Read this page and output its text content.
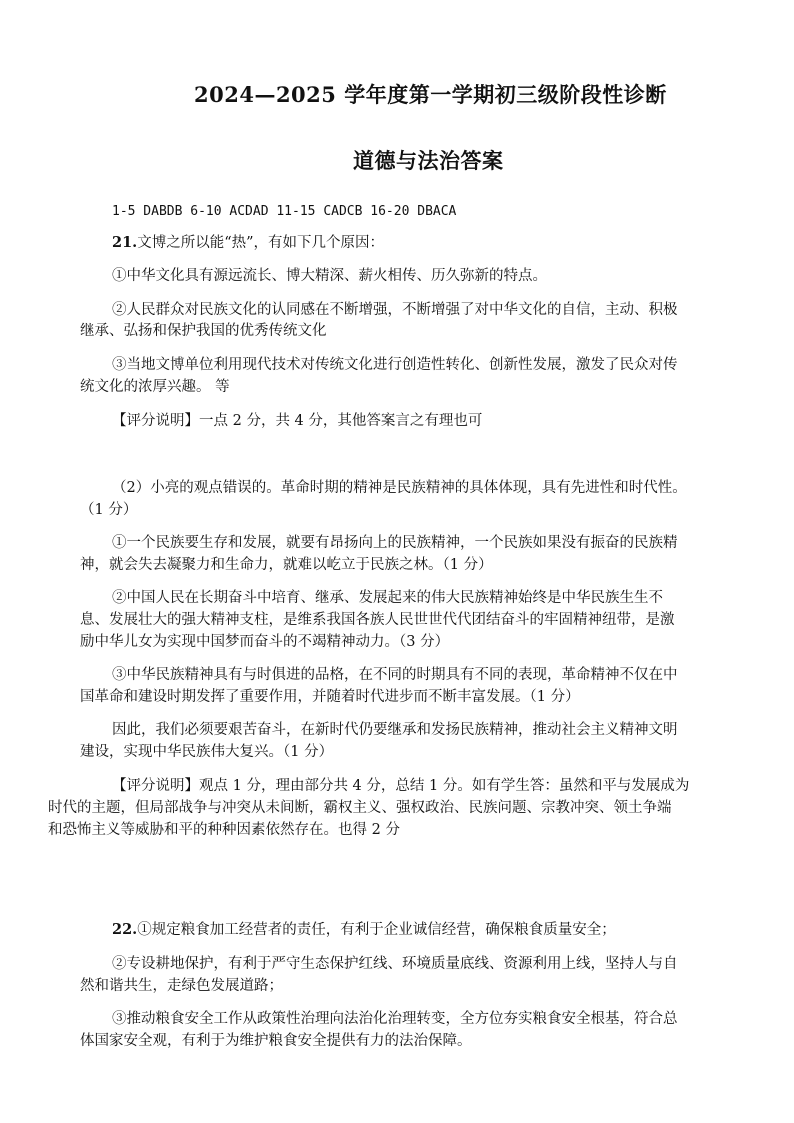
2024—2025 学年度第一学期初三级阶段性诊断
道德与法治答案
1-5 DABDB 6-10 ACDAD 11-15 CADCB 16-20 DBACA
21.文博之所以能“热”，有如下几个原因：
①中华文化具有源远流长、博大精深、薪火相传、历久弥新的特点。
②人民群众对民族文化的认同感在不断增强，不断增强了对中华文化的自信，主动、积极
继承、弘扬和保护我国的优秀传统文化
③当地文博单位利用现代技术对传统文化进行创造性转化、创新性发展，激发了民众对传
统文化的浓厚兴趣。 等
【评分说明】一点 2 分，共 4 分，其他答案言之有理也可
（2）小亮的观点错误的。革命时期的精神是民族精神的具体体现，具有先进性和时代性。
（1 分）
①一个民族要生存和发展，就要有昂扬向上的民族精神，一个民族如果没有振奋的民族精
神，就会失去凝聚力和生命力，就难以屹立于民族之林。（1 分）
②中国人民在长期奋斗中培育、继承、发展起来的伟大民族精神始终是中华民族生生不
息、发展壮大的强大精神支柱，是维系我国各族人民世世代代团结奋斗的牢固精神纽带，是激
励中华儿女为实现中国梦而奋斗的不竭精神动力。（3 分）
③中华民族精神具有与时俱进的品格，在不同的时期具有不同的表现，革命精神不仅在中
国革命和建设时期发挥了重要作用，并随着时代进步而不断丰富发展。（1 分）
因此，我们必须要艰苦奋斗，在新时代仍要继承和发扬民族精神，推动社会主义精神文明
建设，实现中华民族伟大复兴。（1 分）
【评分说明】观点 1 分，理由部分共 4 分，总结 1 分。如有学生答：虽然和平与发展成为
时代的主题，但局部战争与冲突从未间断，霸权主义、强权政治、民族问题、宗教冲突、领土争端
和恐怖主义等威胁和平的种种因素依然存在。也得 2 分
22.①规定粮食加工经营者的责任，有利于企业诚信经营，确保粮食质量安全；
②专设耕地保护，有利于严守生态保护红线、环境质量底线、资源利用上线，坚持人与自
然和谐共生，走绿色发展道路；
③推动粮食安全工作从政策性治理向法治化治理转变，全方位夯实粮食安全根基，符合总
体国家安全观，有利于为维护粮食安全提供有力的法治保障。
